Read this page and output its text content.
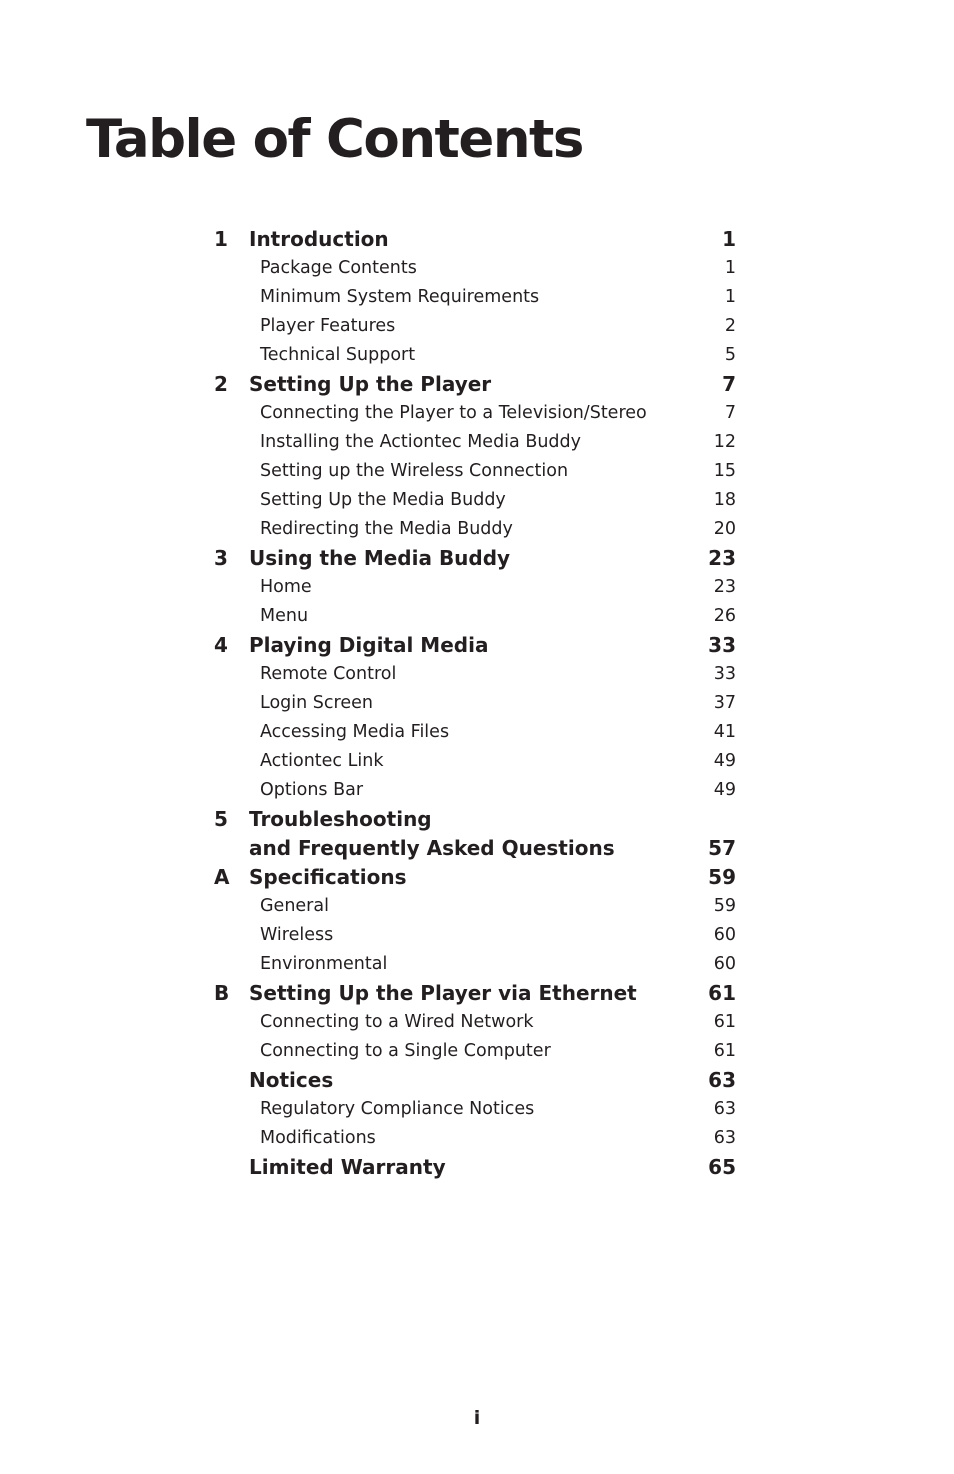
Table of Contents
1	Introduction	1
Package Contents	1
Minimum System Requirements	1
Player Features	2
Technical Support	5
2	Setting Up the Player	7
Connecting the Player to a Television/Stereo	7
Installing the Actiontec Media Buddy	12
Setting up the Wireless Connection	15
Setting Up the Media Buddy	18
Redirecting the Media Buddy	20
3	Using the Media Buddy	23
Home	23
Menu	26
4	Playing Digital Media	33
Remote Control	33
Login Screen	37
Accessing Media Files	41
Actiontec Link	49
Options Bar	49
5	Troubleshooting
and Frequently Asked Questions	57
A Specifications	59
General	59
Wireless	60
Environmental	60
B Setting Up the Player via Ethernet	61
Connecting to a Wired Network	61
Connecting to a Single Computer	61
Notices	63
Regulatory Compliance Notices	63
Modifications	63
Limited Warranty	65
i
